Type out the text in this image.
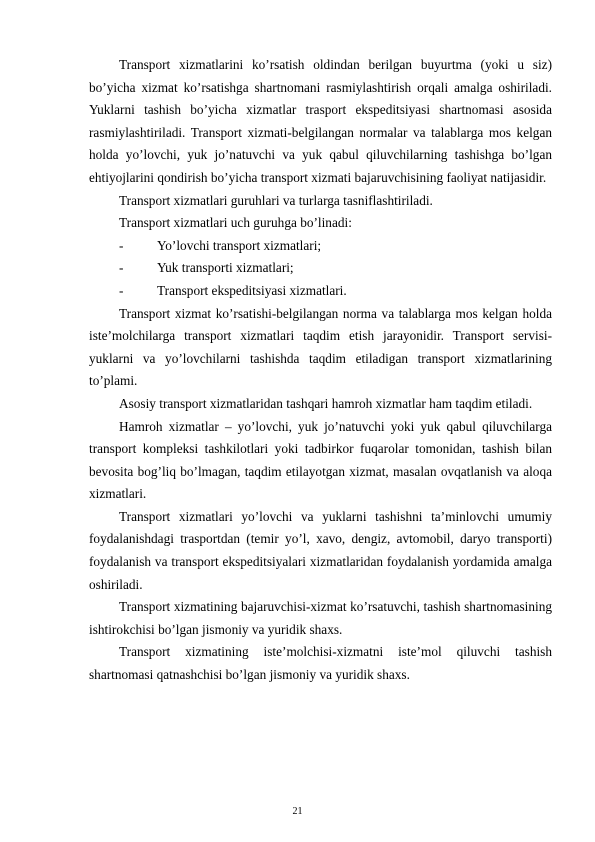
Transport xizmatlarini ko’rsatish oldindan berilgan buyurtma (yoki u siz) bo’yicha xizmat ko’rsatishga shartnomani rasmiylashtirish orqali amalga oshiriladi. Yuklarni tashish bo’yicha xizmatlar trasport ekspeditsiyasi shartnomasi asosida rasmiylashtiriladi. Transport xizmati-belgilangan normalar va talablarga mos kelgan holda yo’lovchi, yuk jo’natuvchi va yuk qabul qiluvchilarning tashishga bo’lgan ehtiyojlarini qondirish bo’yicha transport xizmati bajaruvchisining faoliyat natijasidir.

Transport xizmatlari guruhlari va turlarga tasniflashtiriladi.

Transport xizmatlari uch guruhga bo’linadi:

-	Yo’lovchi transport xizmatlari;
-	Yuk transporti xizmatlari;
-	Transport ekspeditsiyasi xizmatlari.

Transport xizmat ko’rsatishi-belgilangan norma va talablarga mos kelgan holda iste’molchilarga transport xizmatlari taqdim etish jarayonidir. Transport servisi-yuklarni va yo’lovchilarni tashishda taqdim etiladigan transport xizmatlarining to’plami.

Asosiy transport xizmatlaridan tashqari hamroh xizmatlar ham taqdim etiladi.

Hamroh xizmatlar – yo’lovchi, yuk jo’natuvchi yoki yuk qabul qiluvchilarga transport kompleksi tashkilotlari yoki tadbirkor fuqarolar tomonidan, tashish bilan bevosita bog’liq bo’lmagan, taqdim etilayotgan xizmat, masalan ovqatlanish va aloqa xizmatlari.

Transport xizmatlari yo’lovchi va yuklarni tashishni ta’minlovchi umumiy foydalanishdagi trasportdan (temir yo’l, xavo, dengiz, avtomobil, daryo transporti) foydalanish va transport ekspeditsiyalari xizmatlaridan foydalanish yordamida amalga oshiriladi.

Transport xizmatining bajaruvchisi-xizmat ko’rsatuvchi, tashish shartnomasining ishtirokchisi bo’lgan jismoniy va yuridik shaxs.

Transport xizmatining iste’molchisi-xizmatni iste’mol qiluvchi tashish shartnomasi qatnashchisi bo’lgan jismoniy va yuridik shaxs.

21
